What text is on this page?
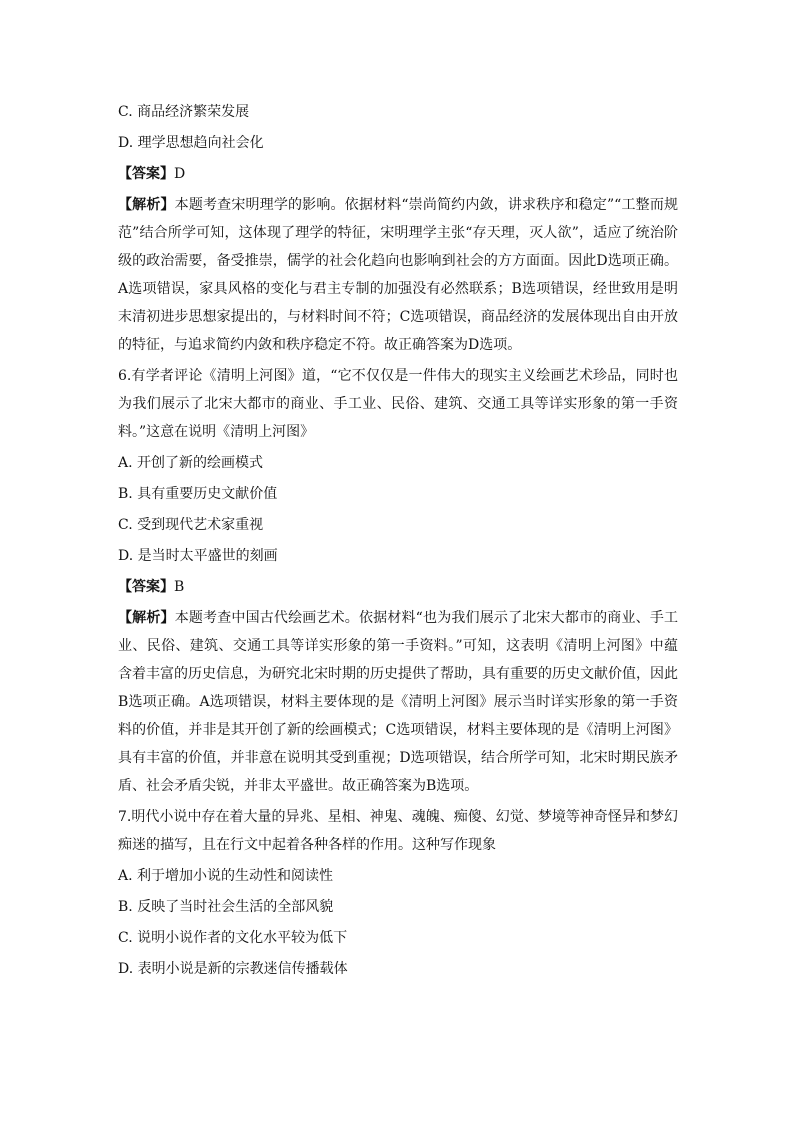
C. 商品经济繁荣发展
D. 理学思想趋向社会化
【答案】D
【解析】本题考查宋明理学的影响。依据材料“崇尚简约内敛，讲求秩序和稳定”“工整而规范”结合所学可知，这体现了理学的特征，宋明理学主张“存天理，灭人欲”，适应了统治阶级的政治需要，备受推崇，儒学的社会化趋向也影响到社会的方方面面。因此D选项正确。A选项错误，家具风格的变化与君主专制的加强没有必然联系；B选项错误，经世致用是明末清初进步思想家提出的，与材料时间不符；C选项错误，商品经济的发展体现出自由开放的特征，与追求简约内敛和秩序稳定不符。故正确答案为D选项。
6.有学者评论《清明上河图》道，“它不仅仅是一件伟大的现实主义绘画艺术珍品，同时也为我们展示了北宋大都市的商业、手工业、民俗、建筑、交通工具等详实形象的第一手资料。”这意在说明《清明上河图》
A. 开创了新的绘画模式
B. 具有重要历史文献价值
C. 受到现代艺术家重视
D. 是当时太平盛世的刻画
【答案】B
【解析】本题考查中国古代绘画艺术。依据材料“也为我们展示了北宋大都市的商业、手工业、民俗、建筑、交通工具等详实形象的第一手资料。”可知，这表明《清明上河图》中蕴含着丰富的历史信息，为研究北宋时期的历史提供了帮助，具有重要的历史文献价值，因此B选项正确。A选项错误，材料主要体现的是《清明上河图》展示当时详实形象的第一手资料的价值，并非是其开创了新的绘画模式；C选项错误，材料主要体现的是《清明上河图》具有丰富的价值，并非意在说明其受到重视；D选项错误，结合所学可知，北宋时期民族矛盾、社会矛盾尖锐，并非太平盛世。故正确答案为B选项。
7.明代小说中存在着大量的异兆、星相、神鬼、魂魄、痴傻、幻觉、梦境等神奇怪异和梦幻痴迷的描写，且在行文中起着各种各样的作用。这种写作现象
A. 利于增加小说的生动性和阅读性
B. 反映了当时社会生活的全部风貌
C. 说明小说作者的文化水平较为低下
D. 表明小说是新的宗教迷信传播载体
